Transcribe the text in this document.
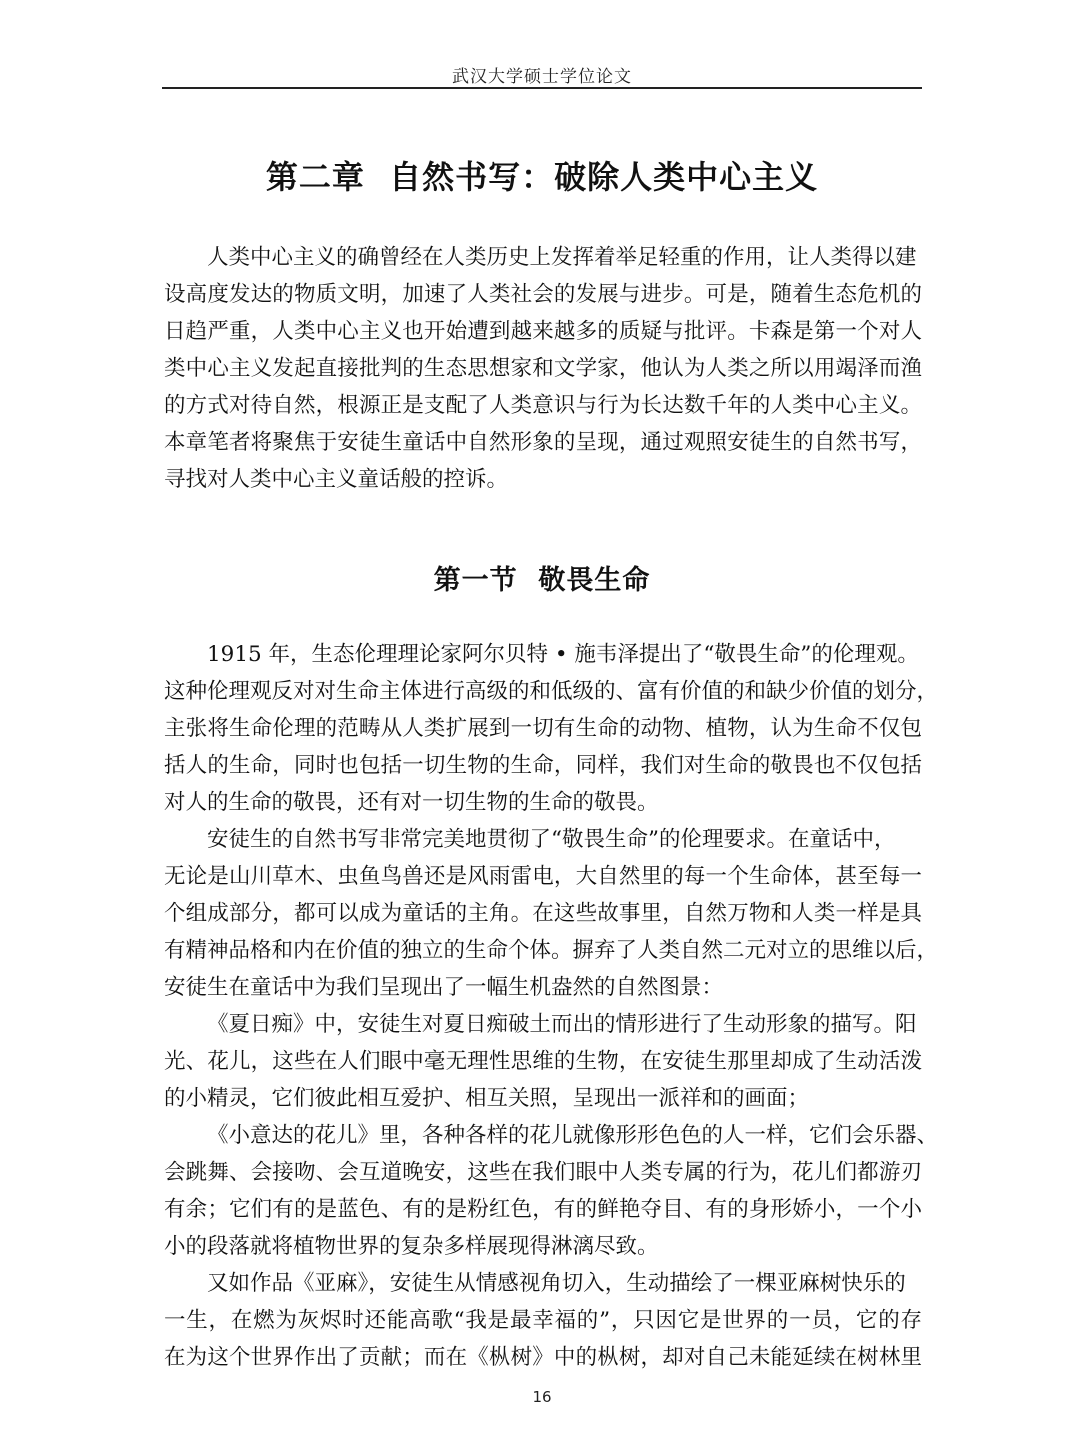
武汉大学硕士学位论文
第二章  自然书写：破除人类中心主义
人类中心主义的确曾经在人类历史上发挥着举足轻重的作用，让人类得以建
设高度发达的物质文明，加速了人类社会的发展与进步。可是，随着生态危机的
日趋严重，人类中心主义也开始遭到越来越多的质疑与批评。卡森是第一个对人
类中心主义发起直接批判的生态思想家和文学家，他认为人类之所以用竭泽而渔
的方式对待自然，根源正是支配了人类意识与行为长达数千年的人类中心主义。
本章笔者将聚焦于安徒生童话中自然形象的呈现，通过观照安徒生的自然书写，
寻找对人类中心主义童话般的控诉。
第一节  敬畏生命
1915 年，生态伦理理论家阿尔贝特 • 施韦泽提出了“敬畏生命”的伦理观。
这种伦理观反对对生命主体进行高级的和低级的、富有价值的和缺少价值的划分，
主张将生命伦理的范畴从人类扩展到一切有生命的动物、植物，认为生命不仅包
括人的生命，同时也包括一切生物的生命，同样，我们对生命的敬畏也不仅包括
对人的生命的敬畏，还有对一切生物的生命的敬畏。
安徒生的自然书写非常完美地贯彻了“敬畏生命”的伦理要求。在童话中，
无论是山川草木、虫鱼鸟兽还是风雨雷电，大自然里的每一个生命体，甚至每一
个组成部分，都可以成为童话的主角。在这些故事里，自然万物和人类一样是具
有精神品格和内在价值的独立的生命个体。摒弃了人类自然二元对立的思维以后，
安徒生在童话中为我们呈现出了一幅生机盎然的自然图景：
《夏日痴》中，安徒生对夏日痴破土而出的情形进行了生动形象的描写。阳
光、花儿，这些在人们眼中毫无理性思维的生物，在安徒生那里却成了生动活泼
的小精灵，它们彼此相互爱护、相互关照，呈现出一派祥和的画面；
《小意达的花儿》里，各种各样的花儿就像形形色色的人一样，它们会乐器、
会跳舞、会接吻、会互道晚安，这些在我们眼中人类专属的行为，花儿们都游刃
有余；它们有的是蓝色、有的是粉红色，有的鲜艳夺目、有的身形娇小，一个小
小的段落就将植物世界的复杂多样展现得淋漓尽致。
又如作品《亚麻》，安徒生从情感视角切入，生动描绘了一棵亚麻树快乐的
一生，在燃为灰烬时还能高歌“我是最幸福的”，只因它是世界的一员，它的存
在为这个世界作出了贡献；而在《枞树》中的枞树，却对自己未能延续在树林里
16
